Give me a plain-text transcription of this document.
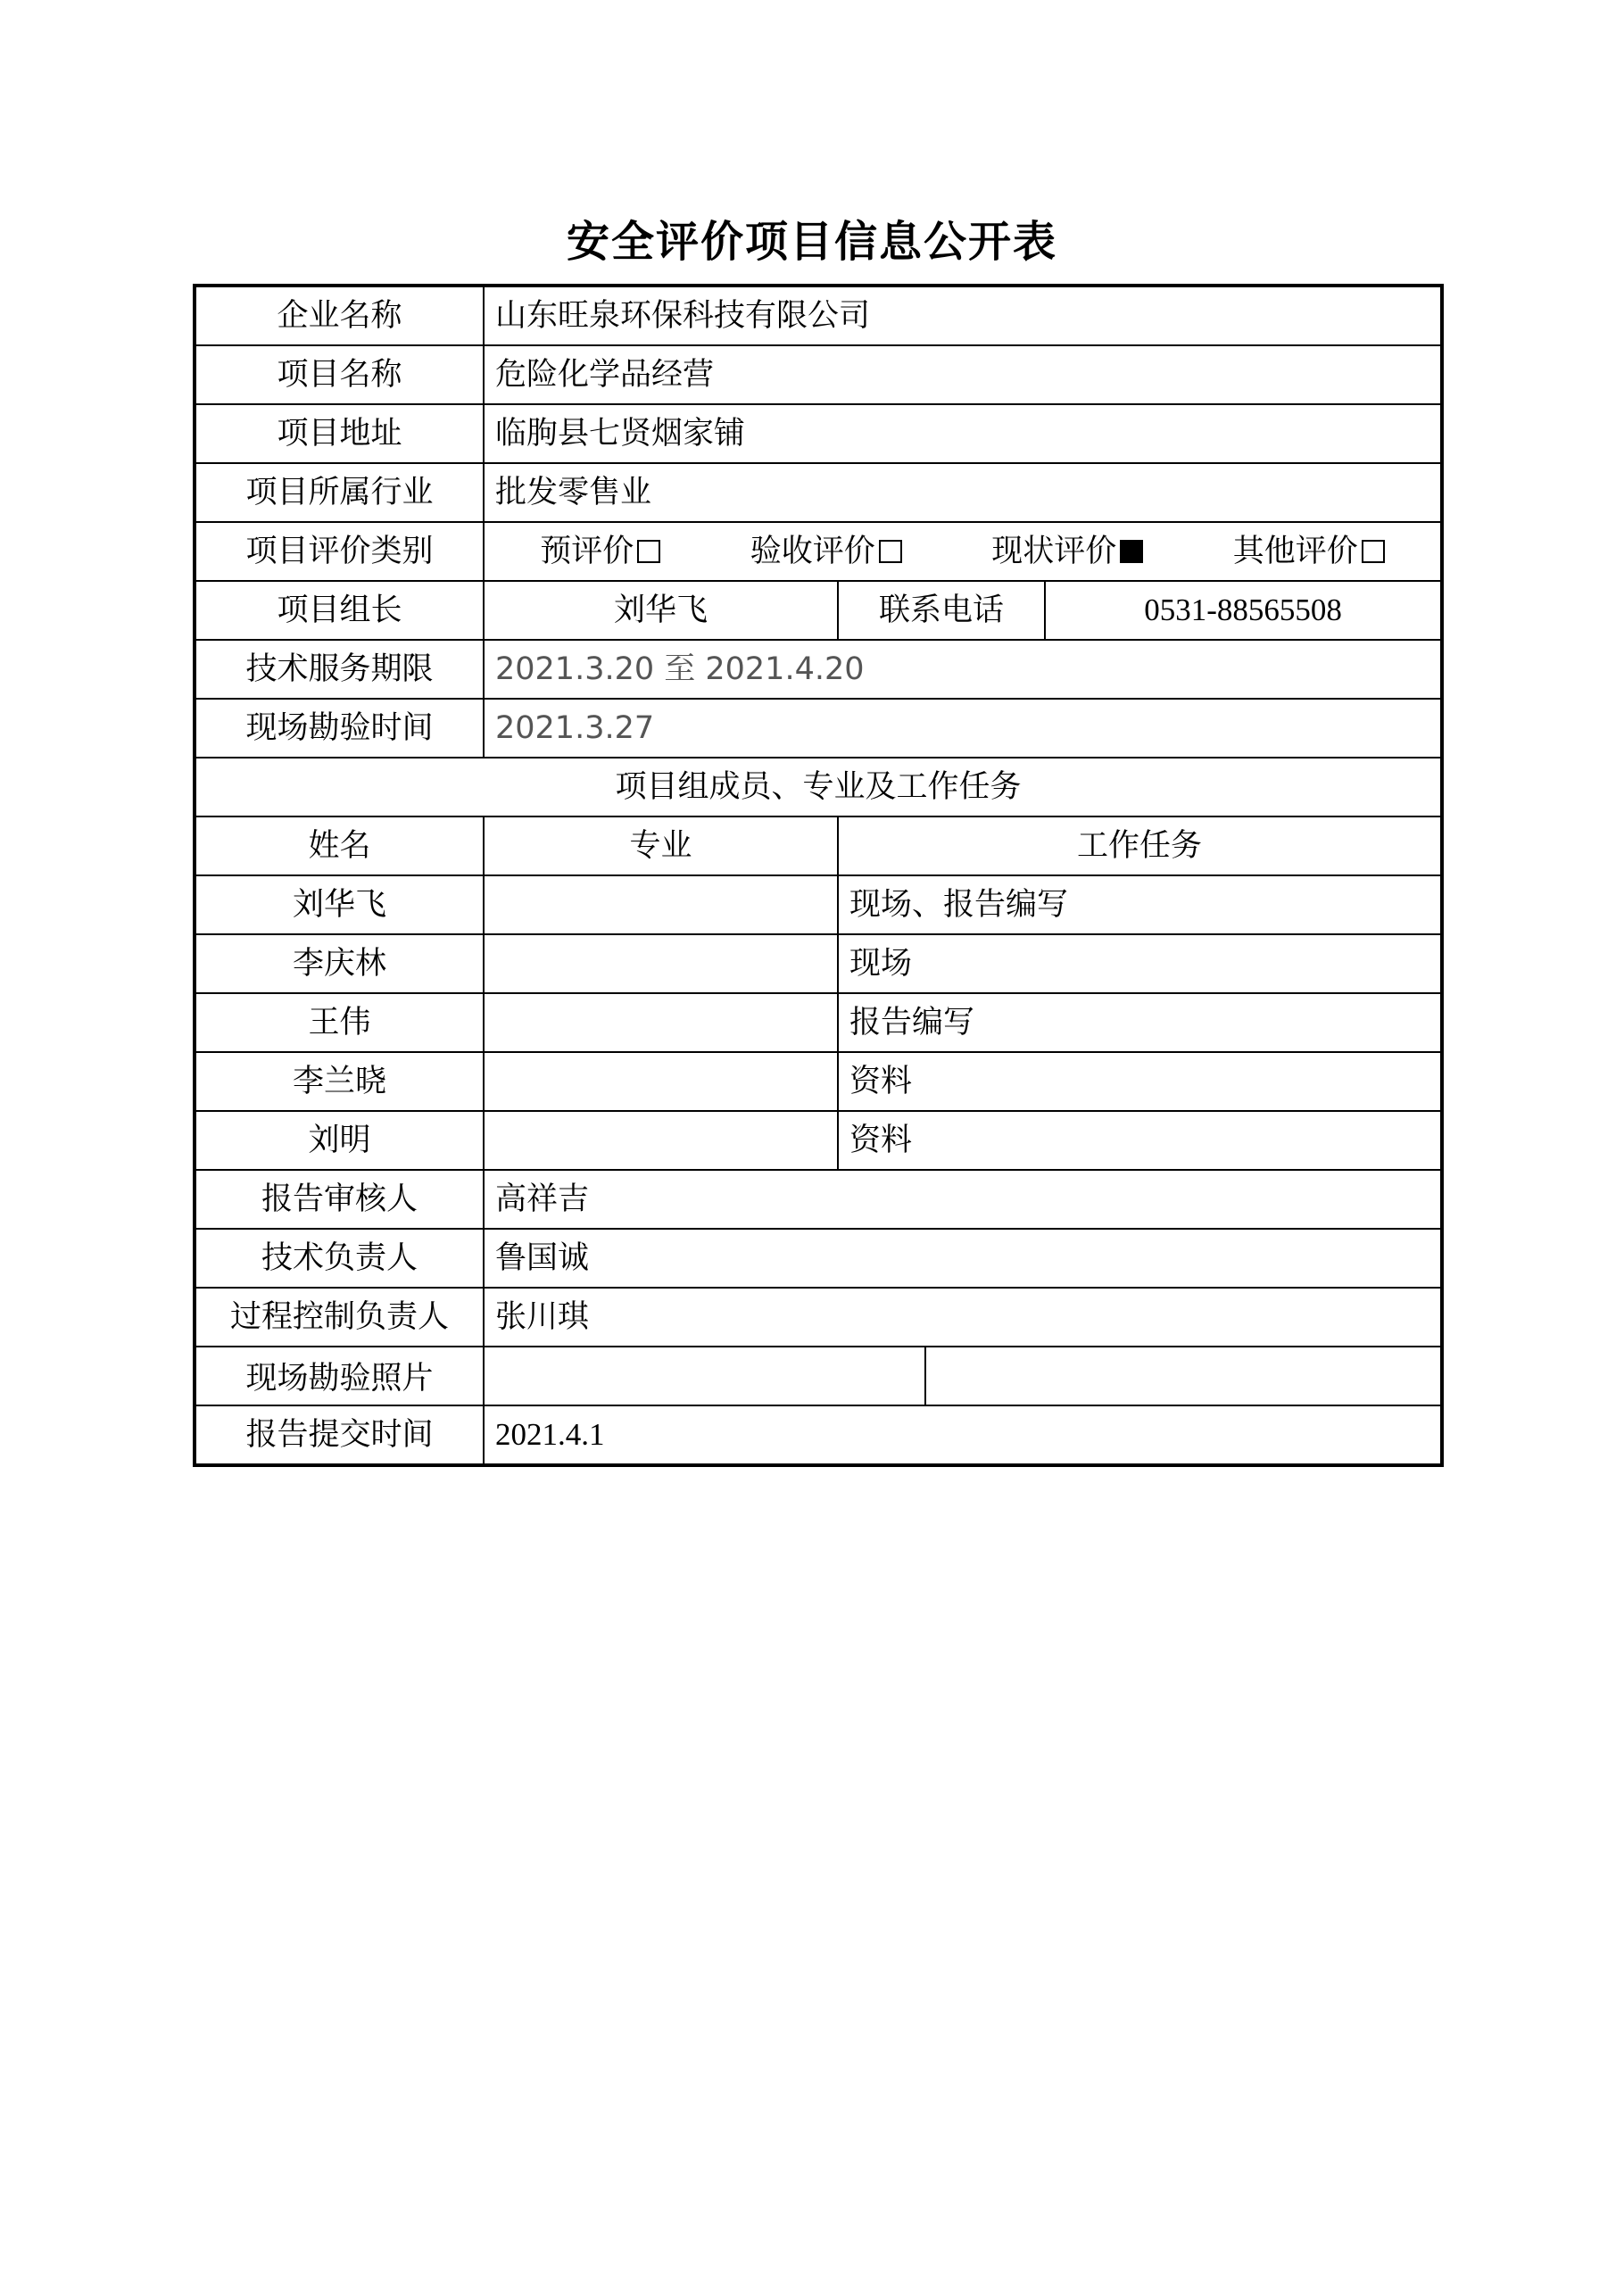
安全评价项目信息公开表
企业名称	山东旺泉环保科技有限公司			
项目名称	危险化学品经营			
项目地址	临朐县七贤烟家铺			
项目所属行业	批发零售业			
项目评价类别	预评价 验收评价 现状评价 其他评价			

项目组长	刘华飞	联系电话		0531-88565508
技术服务期限	2021.3.20 至 2021.4.20			
现场勘验时间	2021.3.27			
项目组成员、专业及工作任务				
姓名	专业	工作任务		
刘华飞		现场、报告编写		
李庆林		现场		
王伟		报告编写		
李兰晓		资料		
刘明		资料		
报告审核人	高祥吉			
技术负责人	鲁国诚			
过程控制负责人	张川琪			
现场勘验照片	

报告提交时间	2021.4.1			
